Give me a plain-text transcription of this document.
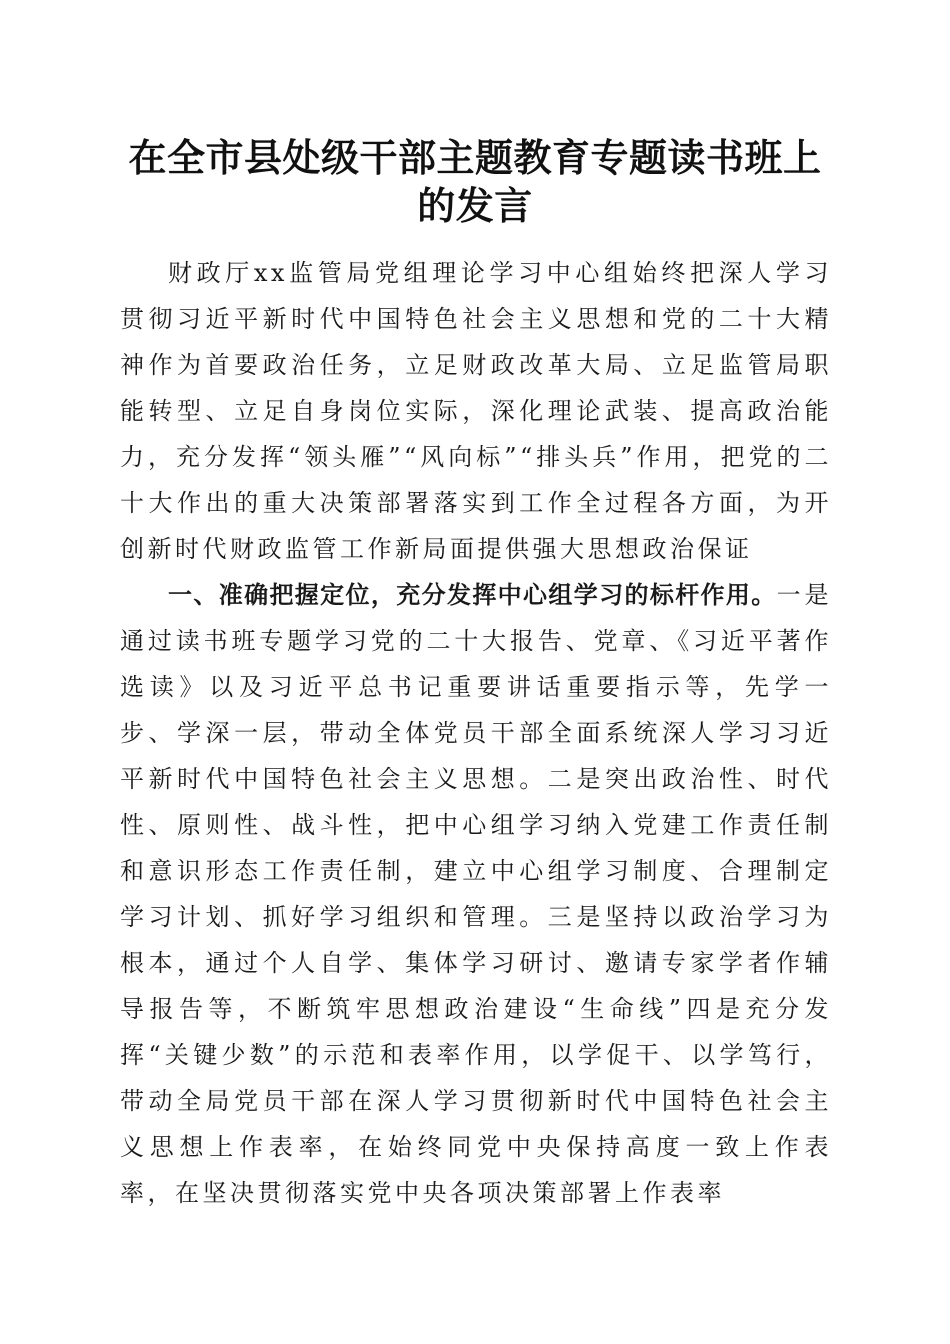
在全市县处级干部主题教育专题读书班上的发言

财政厅xx监管局党组理论学习中心组始终把深人学习贯彻习近平新时代中国特色社会主义思想和党的二十大精神作为首要政治任务，立足财政改革大局、立足监管局职能转型、立足自身岗位实际，深化理论武装、提高政治能力，充分发挥“领头雁”“风向标”“排头兵”作用，把党的二十大作出的重大决策部署落实到工作全过程各方面，为开创新时代财政监管工作新局面提供强大思想政治保证

一、准确把握定位，充分发挥中心组学习的标杆作用。一是通过读书班专题学习党的二十大报告、党章、《习近平著作选读》以及习近平总书记重要讲话重要指示等，先学一步、学深一层，带动全体党员干部全面系统深人学习习近平新时代中国特色社会主义思想。二是突出政治性、时代性、原则性、战斗性，把中心组学习纳入党建工作责任制和意识形态工作责任制，建立中心组学习制度、合理制定学习计划、抓好学习组织和管理。三是坚持以政治学习为根本，通过个人自学、集体学习研讨、邀请专家学者作辅导报告等，不断筑牢思想政治建设“生命线”四是充分发挥“关键少数”的示范和表率作用，以学促干、以学笃行，带动全局党员干部在深人学习贯彻新时代中国特色社会主义思想上作表率，在始终同党中央保持高度一致上作表率，在坚决贯彻落实党中央各项决策部署上作表率
